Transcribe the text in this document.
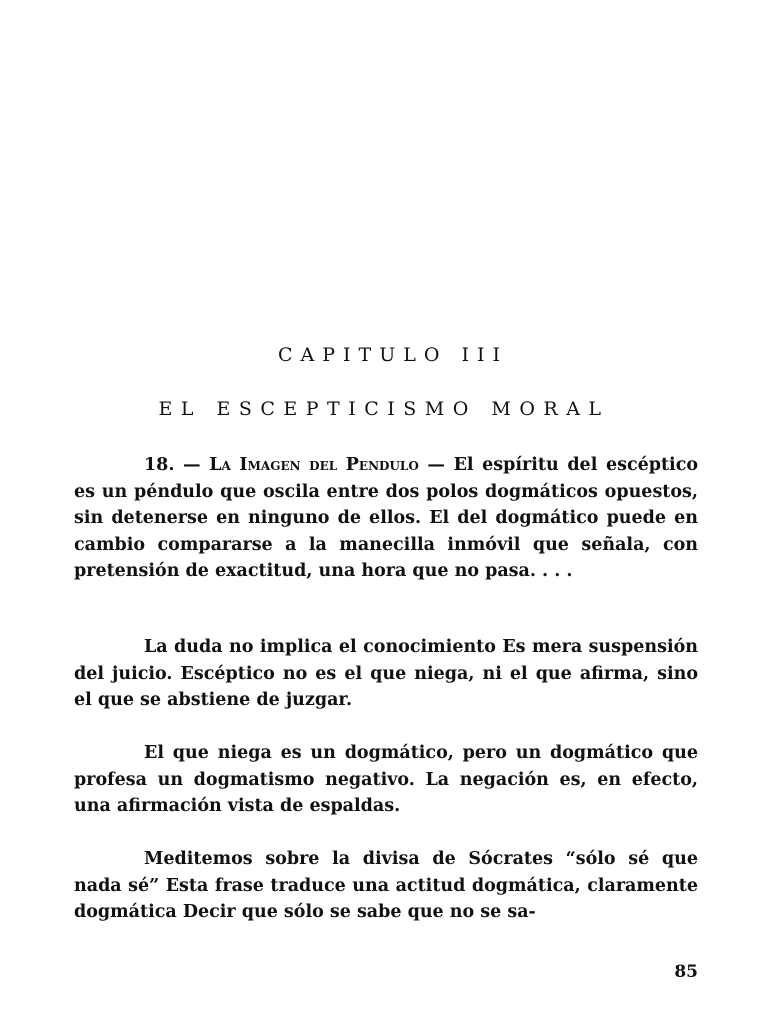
CAPITULO III
EL ESCEPTICISMO MORAL

18. — La Imagen del Pendulo — El espíritu del escéptico es un péndulo que oscila entre dos polos dogmáticos opuestos, sin detenerse en ninguno de ellos. El del dogmático puede en cambio compararse a la manecilla inmóvil que señala, con pretensión de exactitud, una hora que no pasa. . . .

La duda no implica el conocimiento Es mera suspensión del juicio. Escéptico no es el que niega, ni el que afirma, sino el que se abstiene de juzgar.

El que niega es un dogmático, pero un dogmático que profesa un dogmatismo negativo. La negación es, en efecto, una afirmación vista de espaldas.

Meditemos sobre la divisa de Sócrates “sólo sé que nada sé” Esta frase traduce una actitud dogmática, claramente dogmática Decir que sólo se sabe que no se sa-

85
